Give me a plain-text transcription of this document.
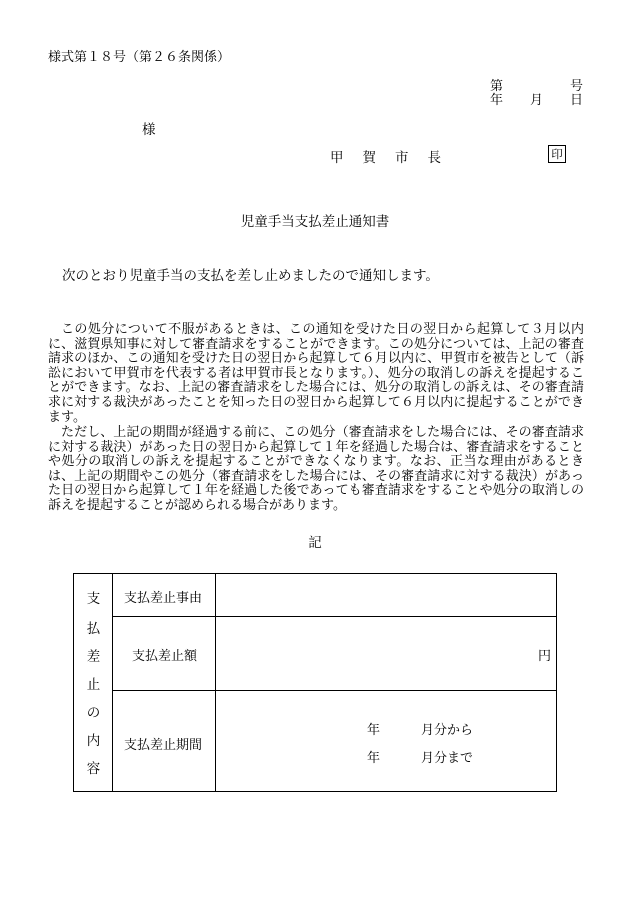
様式第１８号（第２６条関係）
第	号
年 月 日
様
甲賀市長	印
児童手当支払差止通知書
次のとおり児童手当の支払を差し止めましたので通知します。
この処分について不服があるときは、この通知を受けた日の翌日から起算して３月以内に、滋賀県知事に対して審査請求をすることができます。この処分については、上記の審査請求のほか、この通知を受けた日の翌日から起算して６月以内に、甲賀市を被告として（訴訟において甲賀市を代表する者は甲賀市長となります。）、処分の取消しの訴えを提起することができます。なお、上記の審査請求をした場合には、処分の取消しの訴えは、その審査請求に対する裁決があったことを知った日の翌日から起算して６月以内に提起することができます。
ただし、上記の期間が経過する前に、この処分（審査請求をした場合には、その審査請求に対する裁決）があった日の翌日から起算して１年を経過した場合は、審査請求をすることや処分の取消しの訴えを提起することができなくなります。なお、正当な理由があるときは、上記の期間やこの処分（審査請求をした場合には、その審査請求に対する裁決）があった日の翌日から起算して１年を経過した後であっても審査請求をすることや処分の取消しの訴えを提起することが認められる場合があります。
記
支
払
差
止
の
内
容
支払差止事由
支払差止額	円
支払差止期間
年	月分から
年	月分まで
